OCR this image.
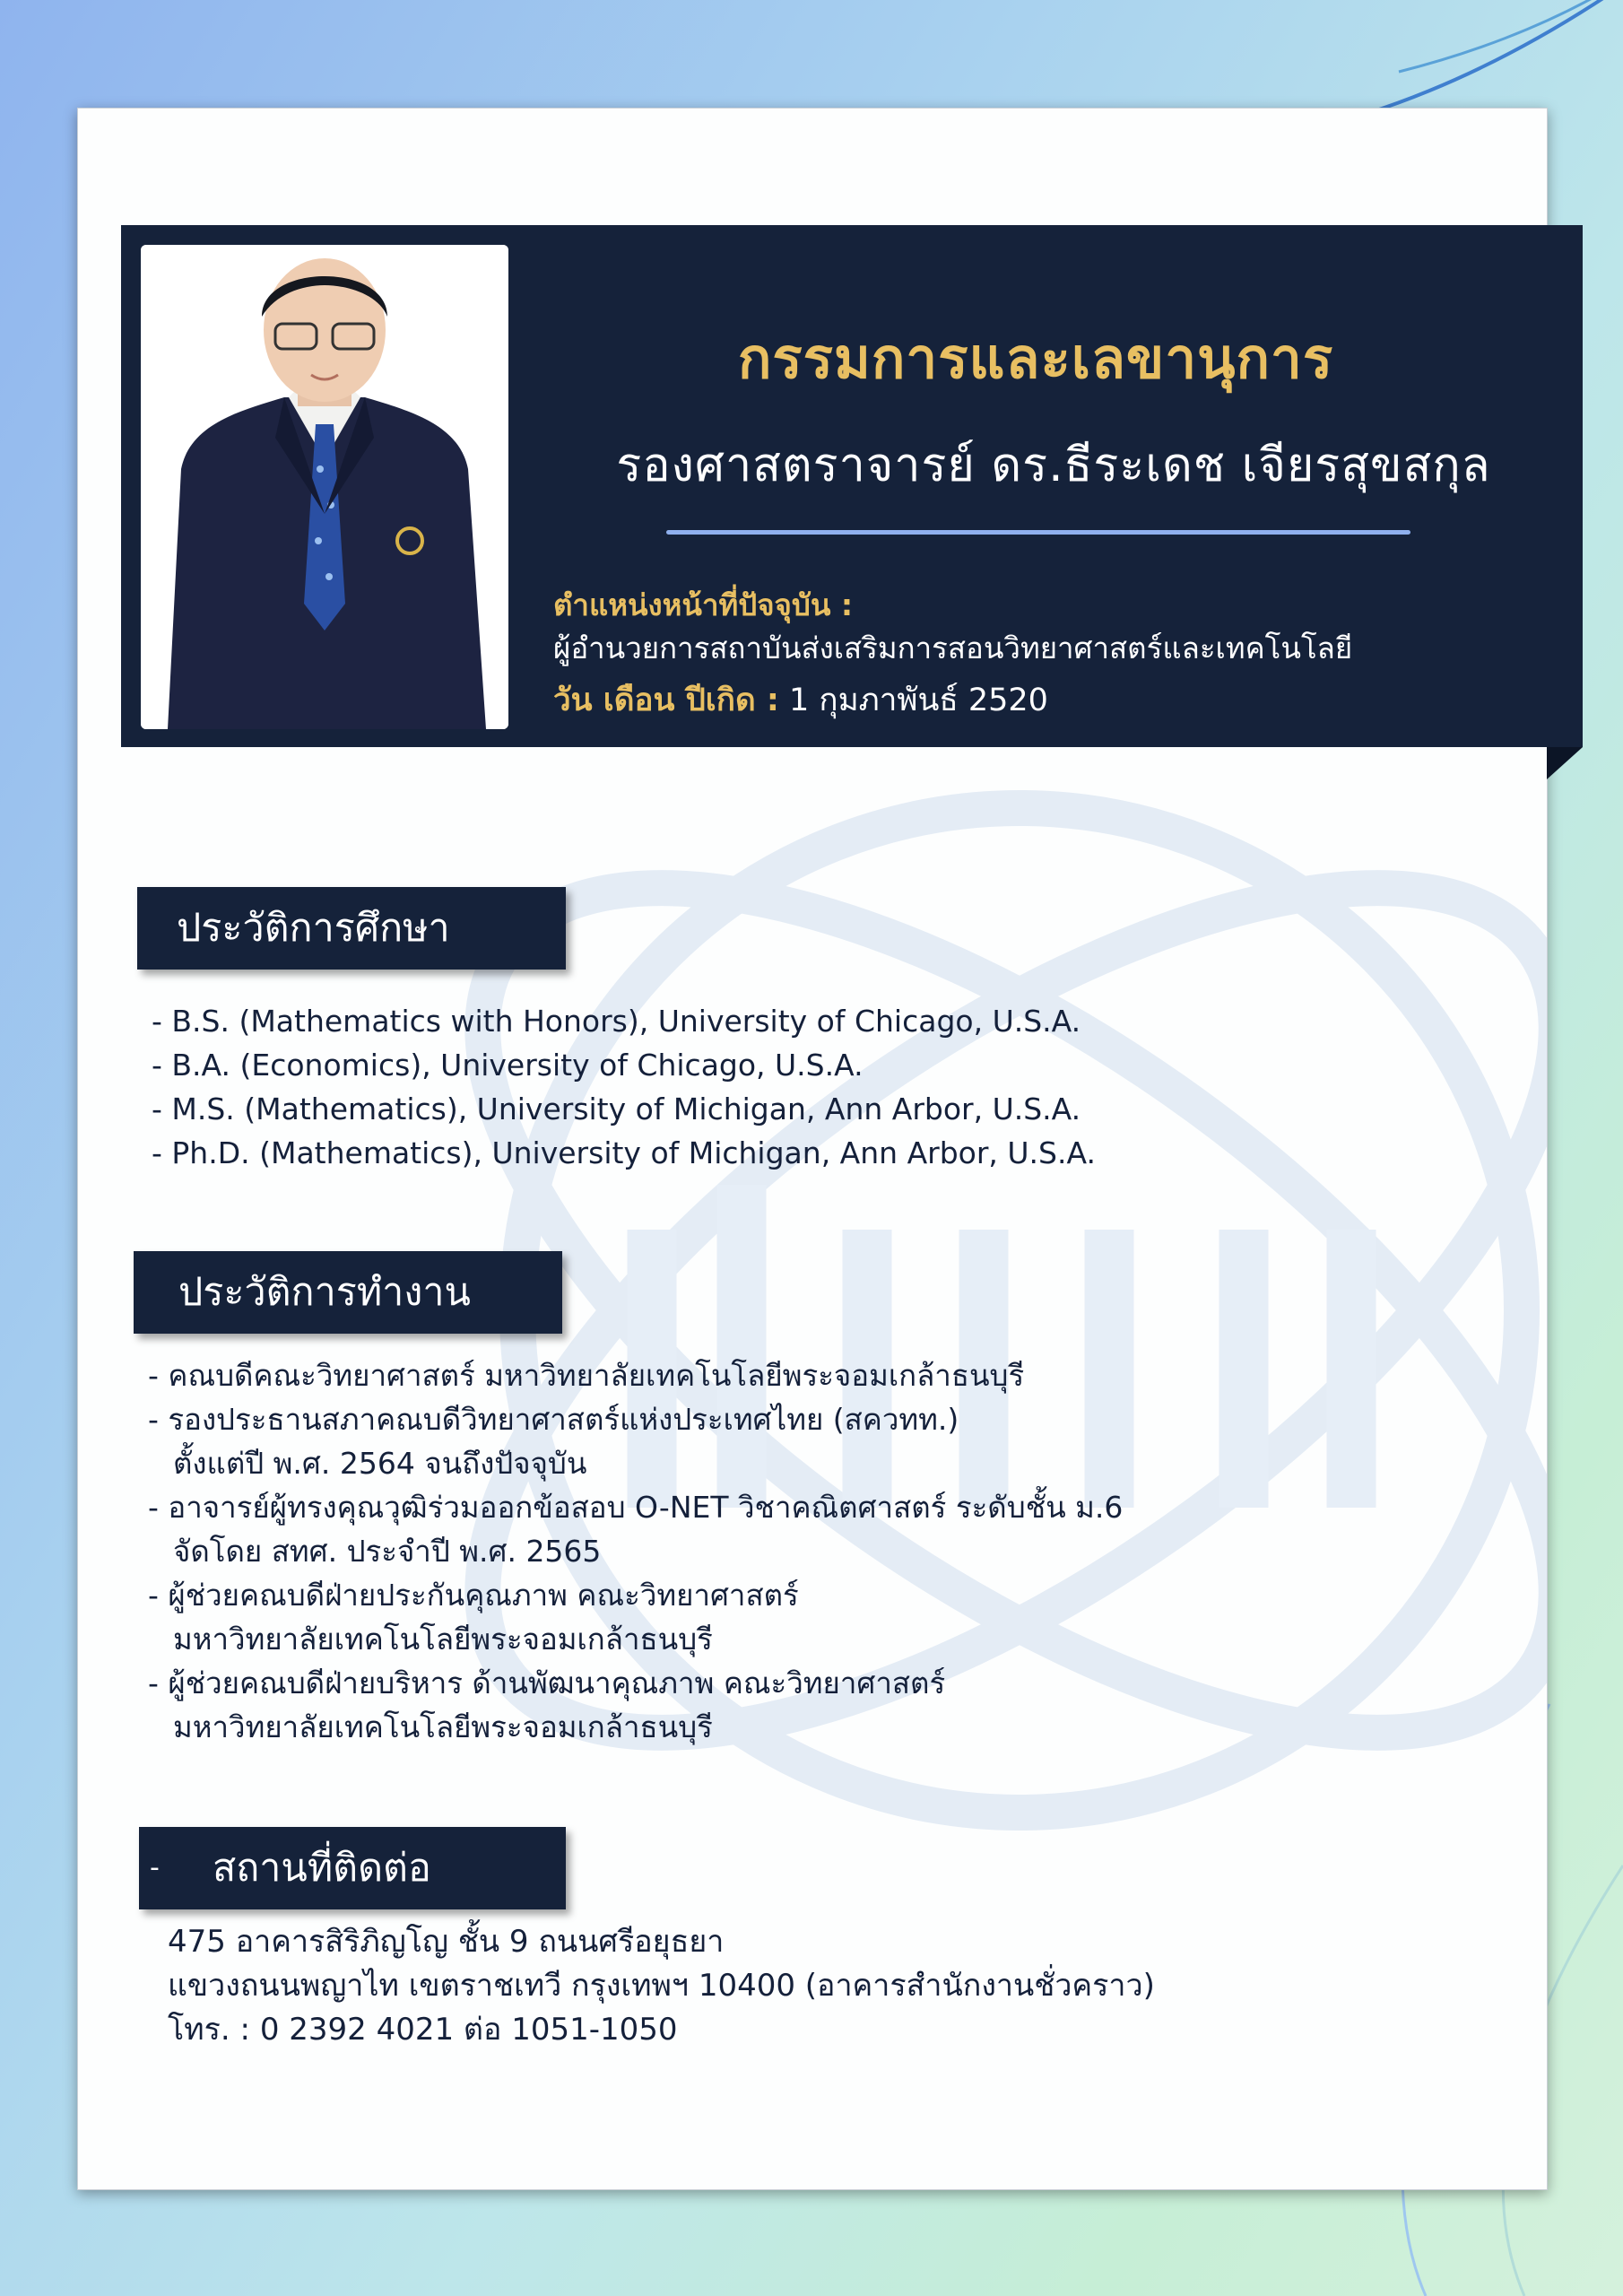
กรรมการและเลขานุการ
รองศาสตราจารย์ ดร.ธีระเดช เจียรสุขสกุล
ตำแหน่งหน้าที่ปัจจุบัน :
ผู้อำนวยการสถาบันส่งเสริมการสอนวิทยาศาสตร์และเทคโนโลยี
วัน เดือน ปีเกิด : 1 กุมภาพันธ์ 2520
ประวัติการศึกษา
- B.S. (Mathematics with Honors), University of Chicago, U.S.A.
- B.A. (Economics), University of Chicago, U.S.A.
- M.S. (Mathematics), University of Michigan, Ann Arbor, U.S.A.
- Ph.D. (Mathematics), University of Michigan, Ann Arbor, U.S.A.
ประวัติการทำงาน
- คณบดีคณะวิทยาศาสตร์ มหาวิทยาลัยเทคโนโลยีพระจอมเกล้าธนบุรี
- รองประธานสภาคณบดีวิทยาศาสตร์แห่งประเทศไทย (สควทท.)
ตั้งแต่ปี พ.ศ. 2564 จนถึงปัจจุบัน
- อาจารย์ผู้ทรงคุณวุฒิร่วมออกข้อสอบ O-NET วิชาคณิตศาสตร์ ระดับชั้น ม.6
จัดโดย สทศ. ประจำปี พ.ศ. 2565
- ผู้ช่วยคณบดีฝ่ายประกันคุณภาพ คณะวิทยาศาสตร์
มหาวิทยาลัยเทคโนโลยีพระจอมเกล้าธนบุรี
- ผู้ช่วยคณบดีฝ่ายบริหาร ด้านพัฒนาคุณภาพ คณะวิทยาศาสตร์
มหาวิทยาลัยเทคโนโลยีพระจอมเกล้าธนบุรี
- สถานที่ติดต่อ
475 อาคารสิริภิญโญ ชั้น 9 ถนนศรีอยุธยา
แขวงถนนพญาไท เขตราชเทวี กรุงเทพฯ 10400 (อาคารสำนักงานชั่วคราว)
โทร. : 0 2392 4021 ต่อ 1051-1050
